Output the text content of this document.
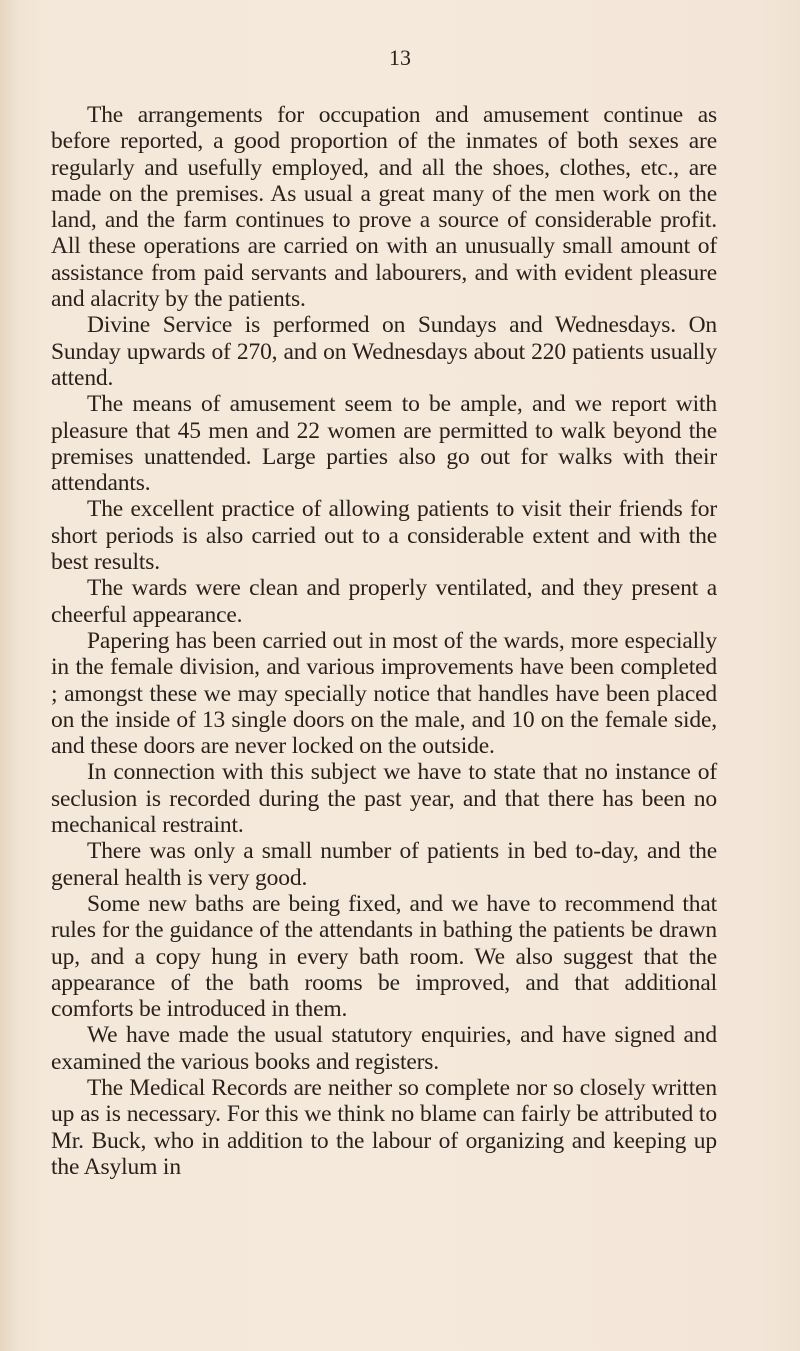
13

The arrangements for occupation and amusement continue as before reported, a good proportion of the inmates of both sexes are regularly and usefully employed, and all the shoes, clothes, etc., are made on the premises. As usual a great many of the men work on the land, and the farm continues to prove a source of considerable profit. All these operations are carried on with an unusually small amount of assistance from paid servants and labourers, and with evident pleasure and alacrity by the patients.

Divine Service is performed on Sundays and Wednesdays. On Sunday upwards of 270, and on Wednesdays about 220 patients usually attend.

The means of amusement seem to be ample, and we report with pleasure that 45 men and 22 women are permitted to walk beyond the premises unattended. Large parties also go out for walks with their attendants.

The excellent practice of allowing patients to visit their friends for short periods is also carried out to a considerable extent and with the best results.

The wards were clean and properly ventilated, and they present a cheerful appearance.

Papering has been carried out in most of the wards, more especially in the female division, and various improvements have been completed ; amongst these we may specially notice that handles have been placed on the inside of 13 single doors on the male, and 10 on the female side, and these doors are never locked on the outside.

In connection with this subject we have to state that no instance of seclusion is recorded during the past year, and that there has been no mechanical restraint.

There was only a small number of patients in bed to-day, and the general health is very good.

Some new baths are being fixed, and we have to recommend that rules for the guidance of the attendants in bathing the patients be drawn up, and a copy hung in every bath room. We also suggest that the appearance of the bath rooms be improved, and that additional comforts be introduced in them.

We have made the usual statutory enquiries, and have signed and examined the various books and registers.

The Medical Records are neither so complete nor so closely written up as is necessary. For this we think no blame can fairly be attributed to Mr. Buck, who in addition to the labour of organizing and keeping up the Asylum in
